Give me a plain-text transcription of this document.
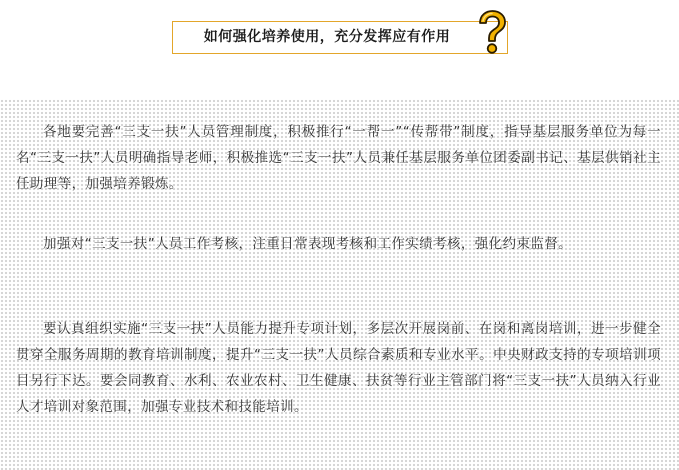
如何强化培养使用，充分发挥应有作用

各地要完善“三支一扶”人员管理制度，积极推行“一帮一”“传帮带”制度，指导基层服务单位为每一名“三支一扶”人员明确指导老师，积极推选“三支一扶”人员兼任基层服务单位团委副书记、基层供销社主任助理等，加强培养锻炼。

加强对“三支一扶”人员工作考核，注重日常表现考核和工作实绩考核，强化约束监督。

要认真组织实施“三支一扶”人员能力提升专项计划，多层次开展岗前、在岗和离岗培训，进一步健全贯穿全服务周期的教育培训制度，提升“三支一扶”人员综合素质和专业水平。中央财政支持的专项培训项目另行下达。要会同教育、水利、农业农村、卫生健康、扶贫等行业主管部门将“三支一扶”人员纳入行业人才培训对象范围，加强专业技术和技能培训。
